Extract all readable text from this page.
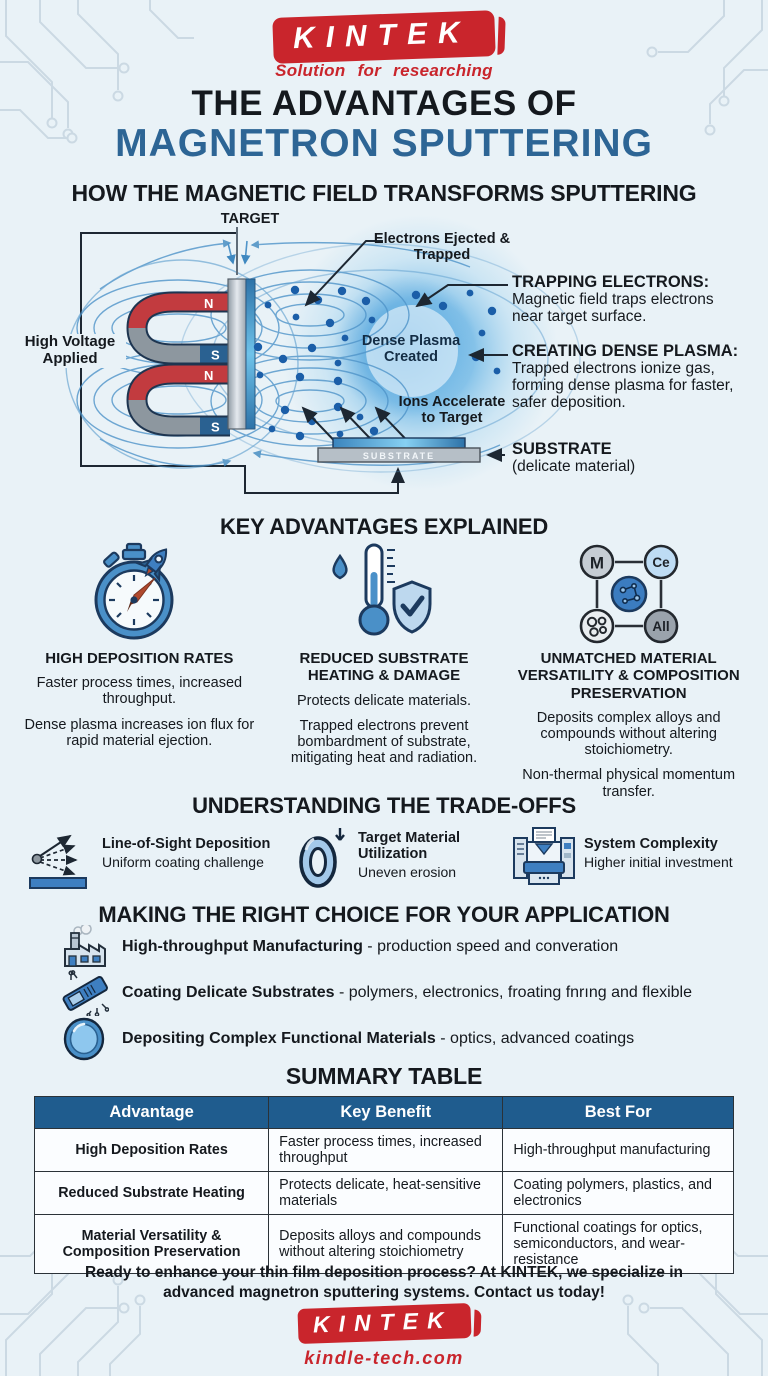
KINTEK
Solution for researching
THE ADVANTAGES OF
MAGNETRON SPUTTERING
HOW THE MAGNETIC FIELD TRANSFORMS SPUTTERING
N
S
N
S
SUBSTRATE
TARGET
High Voltage Applied
Electrons Ejected & Trapped
Dense Plasma Created
Ions Accelerate to Target
TRAPPING ELECTRONS:
Magnetic field traps electrons near target surface.
CREATING DENSE PLASMA:
Trapped electrons ionize gas, forming dense plasma for faster, safer deposition.
SUBSTRATE
(delicate material)
KEY ADVANTAGES EXPLAINED
HIGH DEPOSITION RATES

Faster process times, increased throughput.

Dense plasma increases ion flux for rapid material ejection.

REDUCED SUBSTRATE HEATING & DAMAGE

Protects delicate materials.

Trapped electrons prevent bombardment of substrate, mitigating heat and radiation.

M	Ce
All
UNMATCHED MATERIAL VERSATILITY & COMPOSITION PRESERVATION

Deposits complex alloys and compounds without altering stoichiometry.

Non-thermal physical momentum transfer.

UNDERSTANDING THE TRADE-OFFS
Line-of-Sight Deposition
Uniform coating challenge
Target Material Utilization
Uneven erosion
System Complexity
Higher initial investment
MAKING THE RIGHT CHOICE FOR YOUR APPLICATION
High-throughput Manufacturing - production speed and converation
Coating Delicate Substrates - polymers, electronics, froating fnrıng and flexible
Depositing Complex Functional Materials - optics, advanced coatings
SUMMARY TABLE
Advantage	Key Benefit	Best For
High Deposition Rates	Faster process times, increased throughput	High-throughput manufacturing
Reduced Substrate Heating	Protects delicate, heat-sensitive materials	Coating polymers, plastics, and electronics
Material Versatility & Composition Preservation	Deposits alloys and compounds without altering stoichiometry	Functional coatings for optics, semiconductors, and wear-resistance
Ready to enhance your thin film deposition process? At KINTEK, we specialize in
advanced magnetron sputtering systems. Contact us today!
KINTEK
kindle-tech.com
